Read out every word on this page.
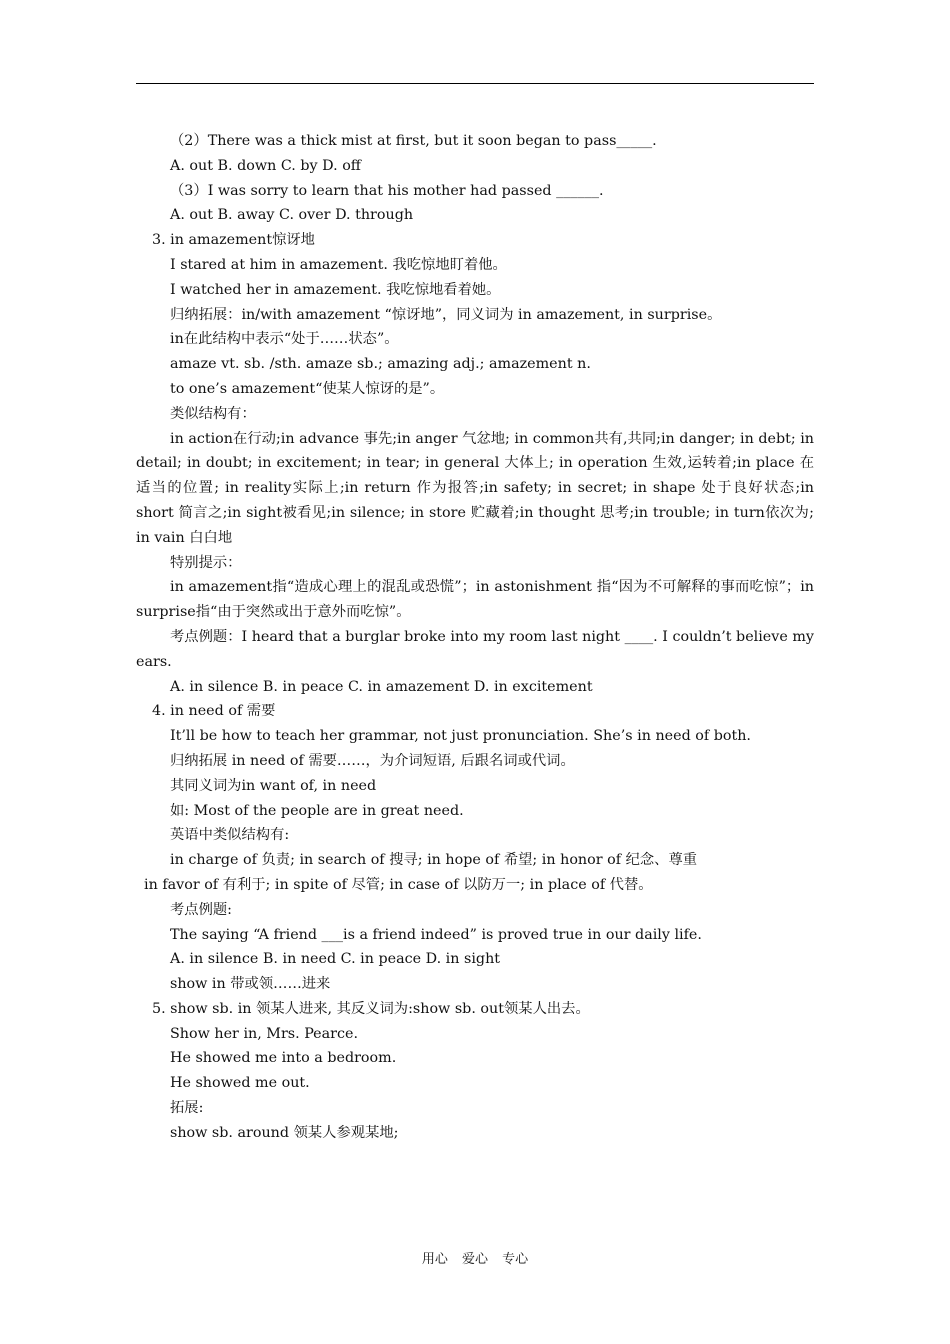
（2）There was a thick mist at first, but it soon began to pass_____.
A. out B. down C. by D. off
（3）I was sorry to learn that his mother had passed ______.
A. out B. away C. over D. through
3. in amazement惊讶地
I stared at him in amazement. 我吃惊地盯着他。
I watched her in amazement. 我吃惊地看着她。
归纳拓展：in/with amazement “惊讶地”，同义词为 in amazement, in surprise。
in在此结构中表示“处于……状态”。
amaze vt. sb. /sth. amaze sb.; amazing adj.; amazement n.
to one’s amazement“使某人惊讶的是”。
类似结构有：
in action在行动;in advance 事先;in anger 气忿地; in common共有,共同;in danger; in debt; in detail; in doubt; in excitement; in tear; in general 大体上; in operation 生效,运转着;in place 在适当的位置; in reality实际上;in return 作为报答;in safety; in secret; in shape 处于良好状态;in short 简言之;in sight被看见;in silence; in store 贮藏着;in thought 思考;in trouble; in turn依次为; in vain 白白地
特别提示：
in amazement指“造成心理上的混乱或恐慌”；in astonishment 指“因为不可解释的事而吃惊”；in surprise指“由于突然或出于意外而吃惊”。
考点例题：I heard that a burglar broke into my room last night ____. I couldn’t believe my ears.
A. in silence B. in peace C. in amazement D. in excitement
4. in need of 需要
It’ll be how to teach her grammar, not just pronunciation. She’s in need of both.
归纳拓展 in need of 需要……，为介词短语, 后跟名词或代词。
其同义词为in want of, in need
如: Most of the people are in great need.
英语中类似结构有:
in charge of 负责; in search of 搜寻; in hope of 希望; in honor of 纪念、尊重
in favor of 有利于; in spite of 尽管; in case of 以防万一; in place of 代替。
考点例题:
The saying “A friend ___is a friend indeed” is proved true in our daily life.
A. in silence B. in need C. in peace D. in sight
show in 带或领……进来
5. show sb. in 领某人进来, 其反义词为:show sb. out领某人出去。
Show her in, Mrs. Pearce.
He showed me into a bedroom.
He showed me out.
拓展:
show sb. around 领某人参观某地;
用心 爱心 专心
